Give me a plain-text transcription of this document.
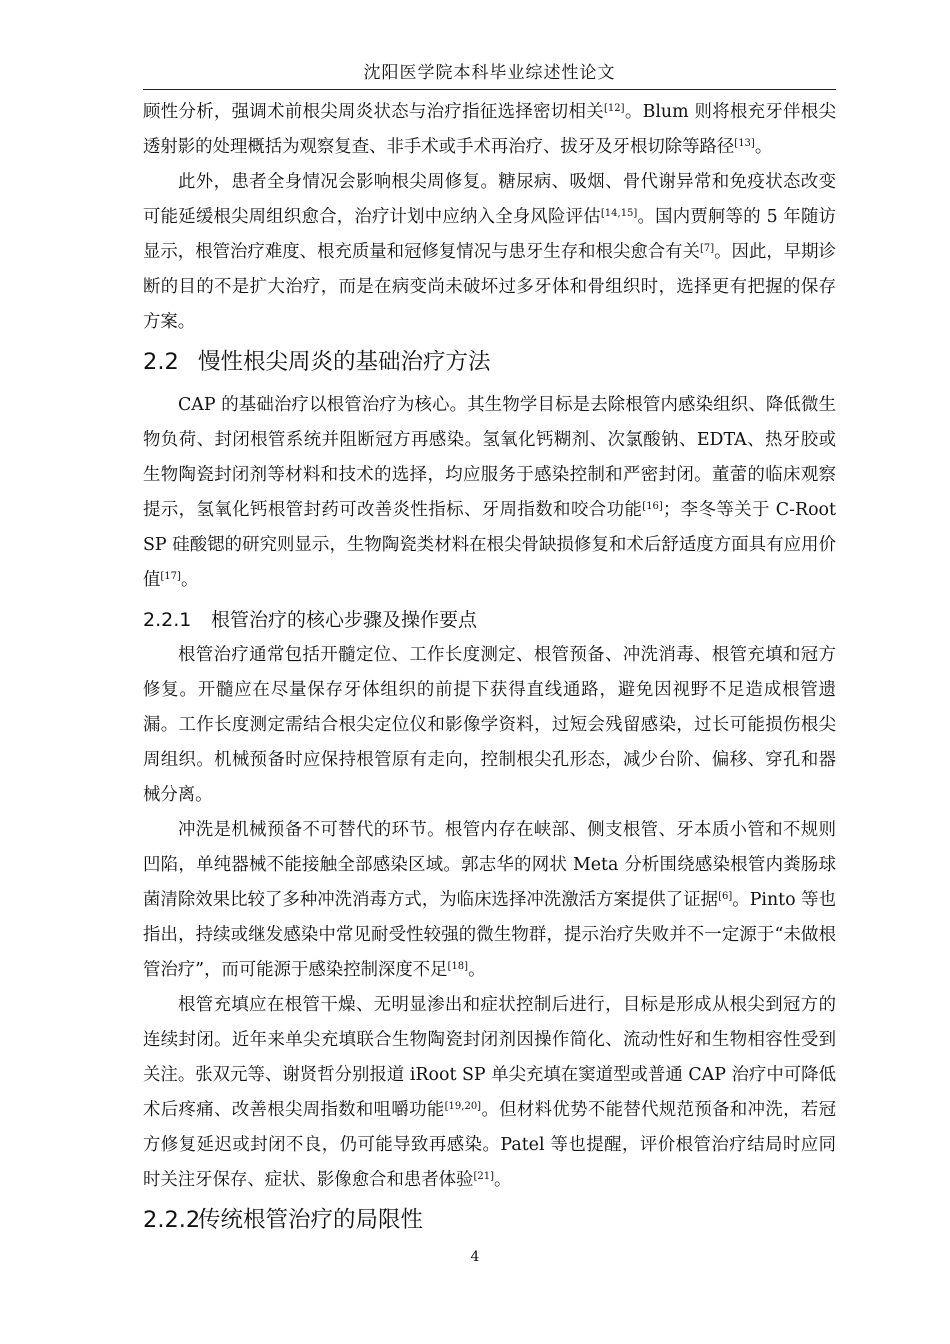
沈阳医学院本科毕业综述性论文

顾性分析，强调术前根尖周炎状态与治疗指征选择密切相关[12]。Blum 则将根充牙伴根尖透射影的处理概括为观察复查、非手术或手术再治疗、拔牙及牙根切除等路径[13]。

此外，患者全身情况会影响根尖周修复。糖尿病、吸烟、骨代谢异常和免疫状态改变可能延缓根尖周组织愈合，治疗计划中应纳入全身风险评估[14,15]。国内贾舸等的 5 年随访显示，根管治疗难度、根充质量和冠修复情况与患牙生存和根尖愈合有关[7]。因此，早期诊断的目的不是扩大治疗，而是在病变尚未破坏过多牙体和骨组织时，选择更有把握的保存方案。

2.2 慢性根尖周炎的基础治疗方法

CAP 的基础治疗以根管治疗为核心。其生物学目标是去除根管内感染组织、降低微生物负荷、封闭根管系统并阻断冠方再感染。氢氧化钙糊剂、次氯酸钠、EDTA、热牙胶或生物陶瓷封闭剂等材料和技术的选择，均应服务于感染控制和严密封闭。董蕾的临床观察提示，氢氧化钙根管封药可改善炎性指标、牙周指数和咬合功能[16]；李冬等关于 C-Root SP 硅酸锶的研究则显示，生物陶瓷类材料在根尖骨缺损修复和术后舒适度方面具有应用价值[17]。

2.2.1 根管治疗的核心步骤及操作要点

根管治疗通常包括开髓定位、工作长度测定、根管预备、冲洗消毒、根管充填和冠方修复。开髓应在尽量保存牙体组织的前提下获得直线通路，避免因视野不足造成根管遗漏。工作长度测定需结合根尖定位仪和影像学资料，过短会残留感染，过长可能损伤根尖周组织。机械预备时应保持根管原有走向，控制根尖孔形态，减少台阶、偏移、穿孔和器械分离。

冲洗是机械预备不可替代的环节。根管内存在峡部、侧支根管、牙本质小管和不规则凹陷，单纯器械不能接触全部感染区域。郭志华的网状 Meta 分析围绕感染根管内粪肠球菌清除效果比较了多种冲洗消毒方式，为临床选择冲洗激活方案提供了证据[6]。Pinto 等也指出，持续或继发感染中常见耐受性较强的微生物群，提示治疗失败并不一定源于“未做根管治疗”，而可能源于感染控制深度不足[18]。

根管充填应在根管干燥、无明显渗出和症状控制后进行，目标是形成从根尖到冠方的连续封闭。近年来单尖充填联合生物陶瓷封闭剂因操作简化、流动性好和生物相容性受到关注。张双元等、谢贤哲分别报道 iRoot SP 单尖充填在窦道型或普通 CAP 治疗中可降低术后疼痛、改善根尖周指数和咀嚼功能[19,20]。但材料优势不能替代规范预备和冲洗，若冠方修复延迟或封闭不良，仍可能导致再感染。Patel 等也提醒，评价根管治疗结局时应同时关注牙保存、症状、影像愈合和患者体验[21]。

2.2.2传统根管治疗的局限性
4
